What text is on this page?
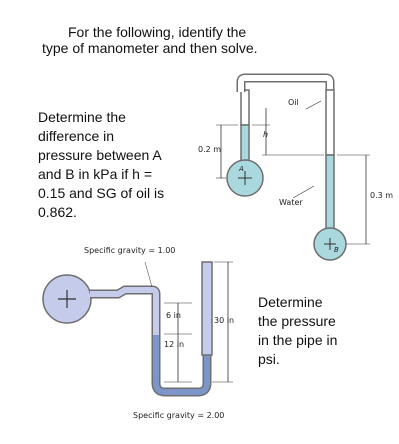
For the following, identify the

type of manometer and then solve.

Determine the
difference in
pressure between A
and B in kPa if h =
0.15 and SG of oil is
0.862.
Determine
the pressure
in the pipe in
psi.
Oil
0.2 m
h
A
Water
B
0.3 m
Specific gravity = 1.00
6 in
12 in
30 in
Specific gravity = 2.00
